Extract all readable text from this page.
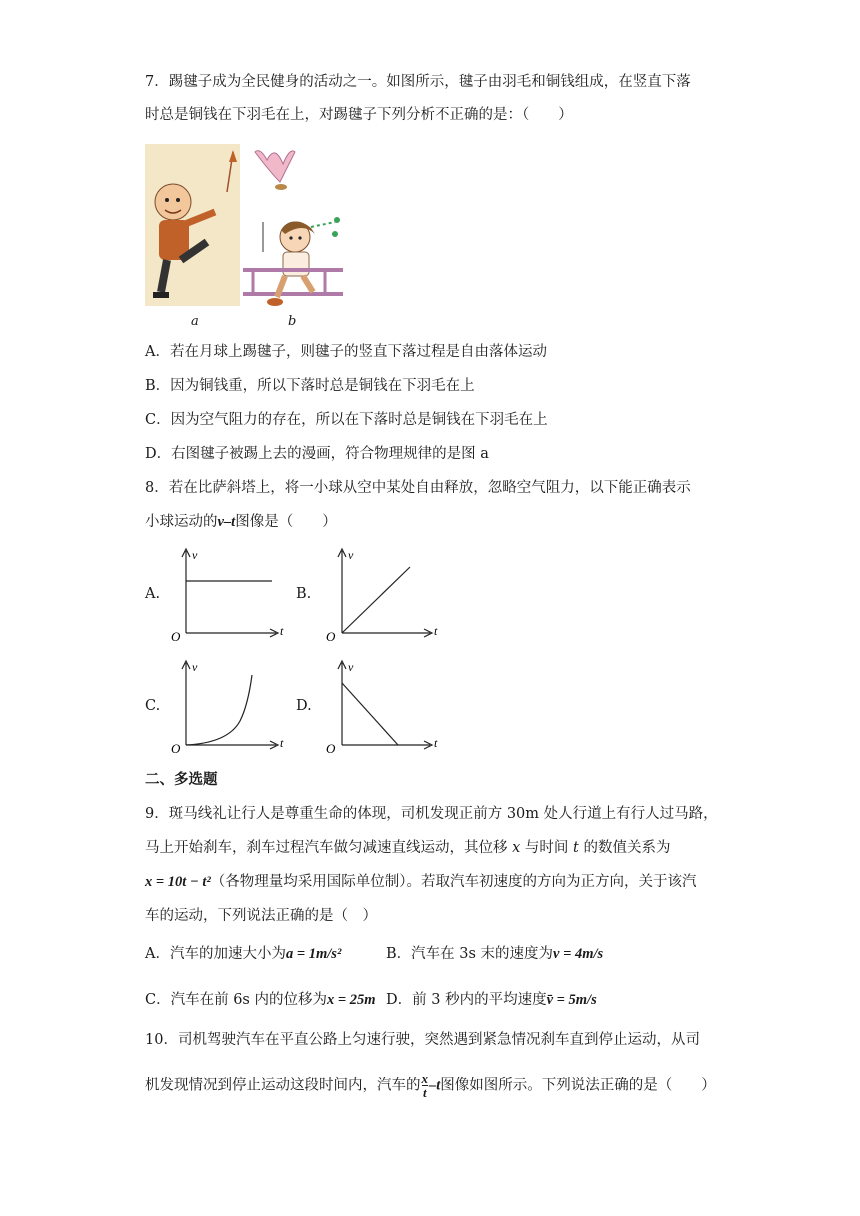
7．踢毽子成为全民健身的活动之一。如图所示，毽子由羽毛和铜钱组成，在竖直下落
时总是铜钱在下羽毛在上，对踢毽子下列分析不正确的是：（　　）
a	b
A．若在月球上踢毽子，则毽子的竖直下落过程是自由落体运动
B．因为铜钱重，所以下落时总是铜钱在下羽毛在上
C．因为空气阻力的存在，所以在下落时总是铜钱在下羽毛在上
D．右图毽子被踢上去的漫画，符合物理规律的是图 a
8．若在比萨斜塔上，将一小球从空中某处自由释放，忽略空气阻力，以下能正确表示
小球运动的v–t图像是（　　）
A.
v
t
O
B.
v
t
O
C.
v
t
O
D.
v
t
O
二、多选题
9．斑马线礼让行人是尊重生命的体现，司机发现正前方 30m 处人行道上有行人过马路，
马上开始刹车，刹车过程汽车做匀减速直线运动，其位移 x 与时间 t 的数值关系为
x = 10t − t²（各物理量均采用国际单位制）。若取汽车初速度的方向为正方向，关于该汽
车的运动，下列说法正确的是（　）
A．汽车的加速大小为a = 1m/s²	B．汽车在 3s 末的速度为v = 4m/s
C．汽车在前 6s 内的位移为x = 25m D．前 3 秒内的平均速度v̄ = 5m/s
10．司机驾驶汽车在平直公路上匀速行驶，突然遇到紧急情况刹车直到停止运动，从司
机发现情况到停止运动这段时间内，汽车的 $\frac{x}{t} -t$图像如图所示。下列说法正确的是（　　）
